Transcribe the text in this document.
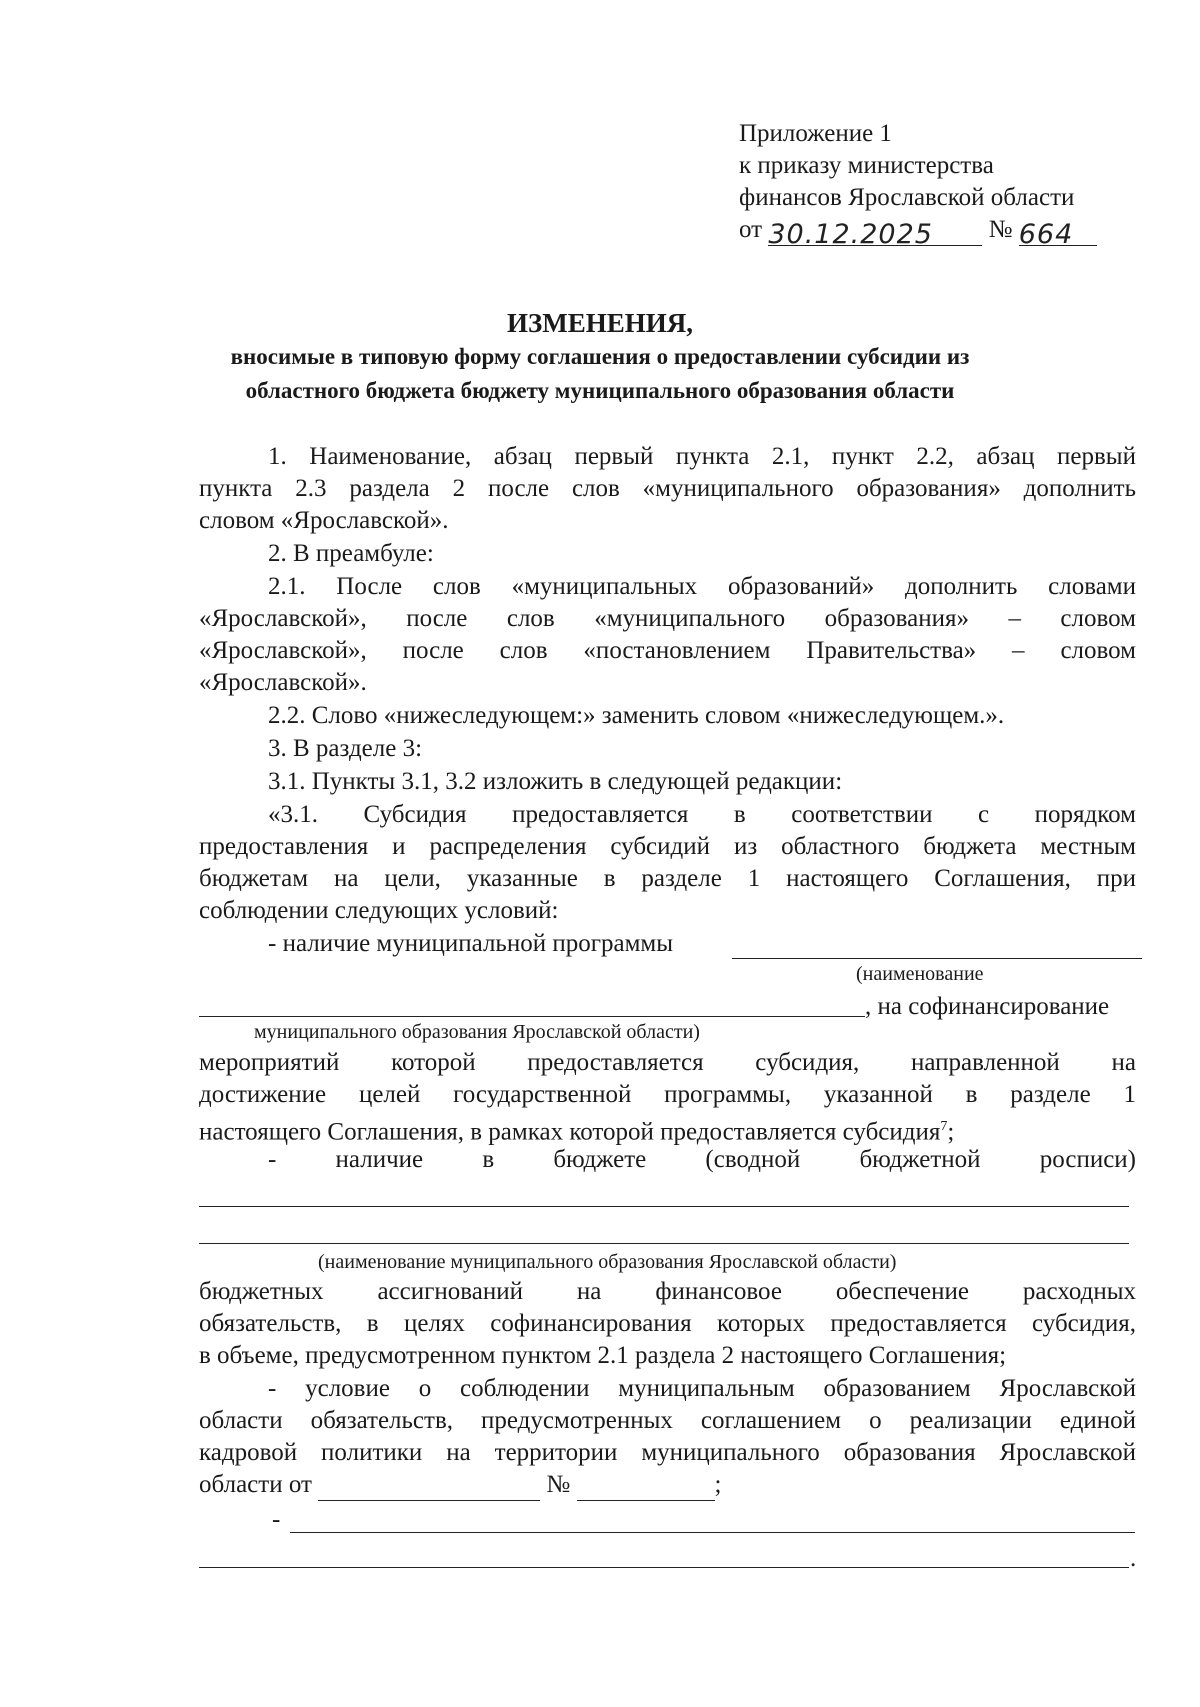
Приложение 1
к приказу министерства
финансов Ярославской области
от 30.12.2025 № 664
ИЗМЕНЕНИЯ,
вносимые в типовую форму соглашения о предоставлении субсидии из
областного бюджета бюджету муниципального образования области
1. Наименование, абзац первый пункта 2.1, пункт 2.2, абзац первый
пункта 2.3 раздела 2 после слов «муниципального образования» дополнить
словом «Ярославской».
2. В преамбуле:
2.1. После слов «муниципальных образований» дополнить словами
«Ярославской», после слов «муниципального образования» – словом
«Ярославской», после слов «постановлением Правительства» – словом
«Ярославской».
2.2. Слово «нижеследующем:» заменить словом «нижеследующем.».
3. В разделе 3:
3.1. Пункты 3.1, 3.2 изложить в следующей редакции:
«3.1. Субсидия предоставляется в соответствии с порядком
предоставления и распределения субсидий из областного бюджета местным
бюджетам на цели, указанные в разделе 1 настоящего Соглашения, при
соблюдении следующих условий:
- наличие муниципальной программы
(наименование
, на софинансирование
муниципального образования Ярославской области)
мероприятий которой предоставляется субсидия, направленной на
достижение целей государственной программы, указанной в разделе 1
настоящего Соглашения, в рамках которой предоставляется субсидия$^7$;
- наличие в бюджете (сводной бюджетной росписи)
(наименование муниципального образования Ярославской области)
бюджетных ассигнований на финансовое обеспечение расходных
обязательств, в целях софинансирования которых предоставляется субсидия,
в объеме, предусмотренном пунктом 2.1 раздела 2 настоящего Соглашения;
- условие о соблюдении муниципальным образованием Ярославской
области обязательств, предусмотренных соглашением о реализации единой
кадровой политики на территории муниципального образования Ярославской
области от	№	;
-
.
